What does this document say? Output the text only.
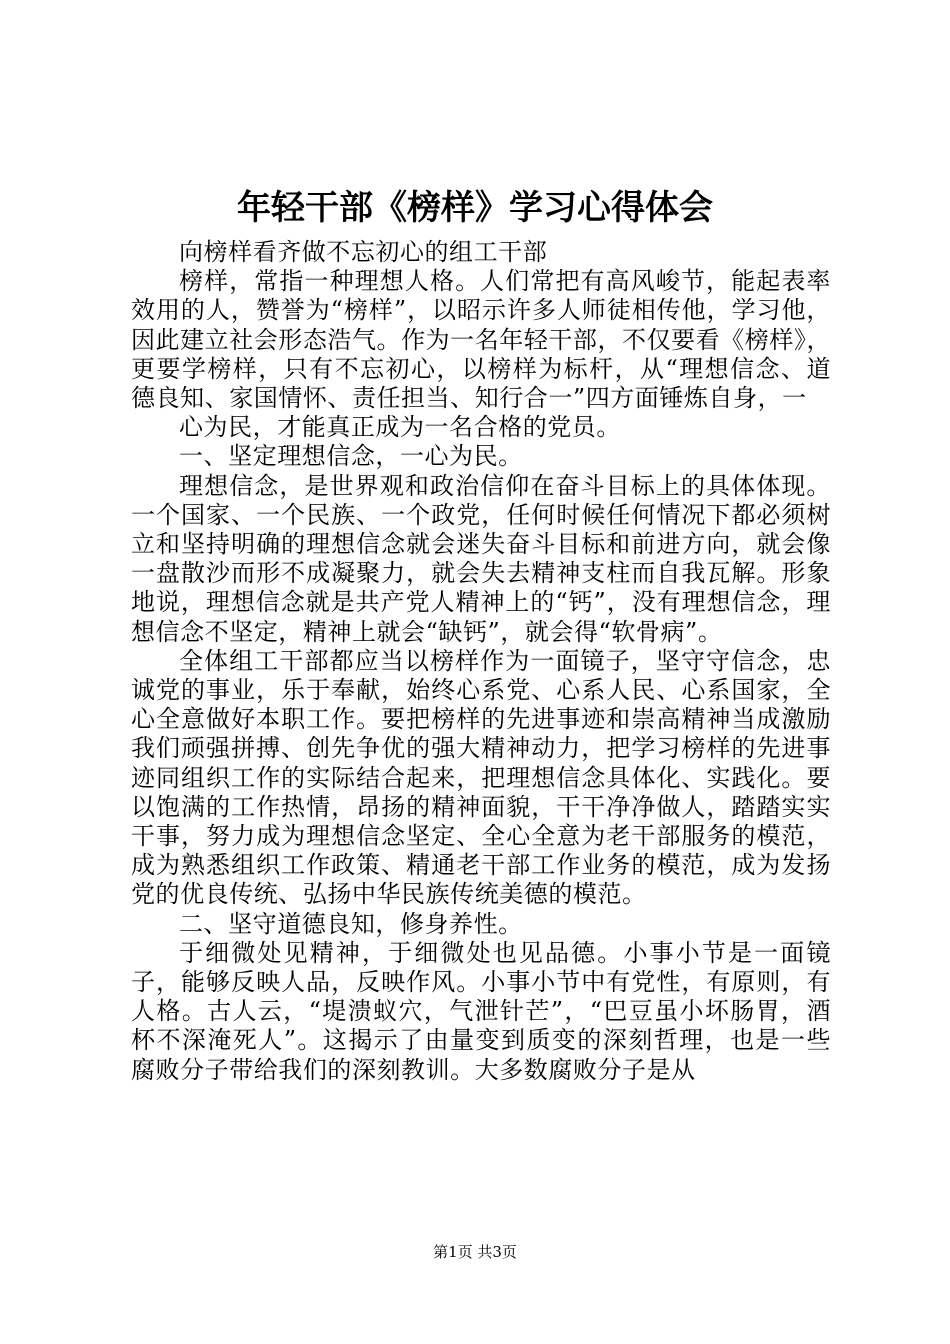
年轻干部《榜样》学习心得体会

向榜样看齐做不忘初心的组工干部

榜样，常指一种理想人格。人们常把有高风峻节，能起表率效用的人，赞誉为“榜样”，以昭示许多人师徒相传他，学习他，因此建立社会形态浩气。作为一名年轻干部，不仅要看《榜样》，更要学榜样，只有不忘初心，以榜样为标杆，从“理想信念、道德良知、家国情怀、责任担当、知行合一”四方面锤炼自身，一

心为民，才能真正成为一名合格的党员。

一、坚定理想信念，一心为民。

理想信念，是世界观和政治信仰在奋斗目标上的具体体现。一个国家、一个民族、一个政党，任何时候任何情况下都必须树立和坚持明确的理想信念就会迷失奋斗目标和前进方向，就会像一盘散沙而形不成凝聚力，就会失去精神支柱而自我瓦解。形象地说，理想信念就是共产党人精神上的“钙”，没有理想信念，理想信念不坚定，精神上就会“缺钙”，就会得“软骨病”。

全体组工干部都应当以榜样作为一面镜子，坚守守信念，忠诚党的事业，乐于奉献，始终心系党、心系人民、心系国家，全心全意做好本职工作。要把榜样的先进事迹和崇高精神当成激励我们顽强拼搏、创先争优的强大精神动力，把学习榜样的先进事迹同组织工作的实际结合起来，把理想信念具体化、实践化。要以饱满的工作热情，昂扬的精神面貌，干干净净做人，踏踏实实干事，努力成为理想信念坚定、全心全意为老干部服务的模范，成为熟悉组织工作政策、精通老干部工作业务的模范，成为发扬党的优良传统、弘扬中华民族传统美德的模范。

二、坚守道德良知，修身养性。

于细微处见精神，于细微处也见品德。小事小节是一面镜子，能够反映人品，反映作风。小事小节中有党性，有原则，有人格。古人云，“堤溃蚁穴，气泄针芒”，“巴豆虽小坏肠胃，酒杯不深淹死人”。这揭示了由量变到质变的深刻哲理，也是一些腐败分子带给我们的深刻教训。大多数腐败分子是从

第1页 共3页
